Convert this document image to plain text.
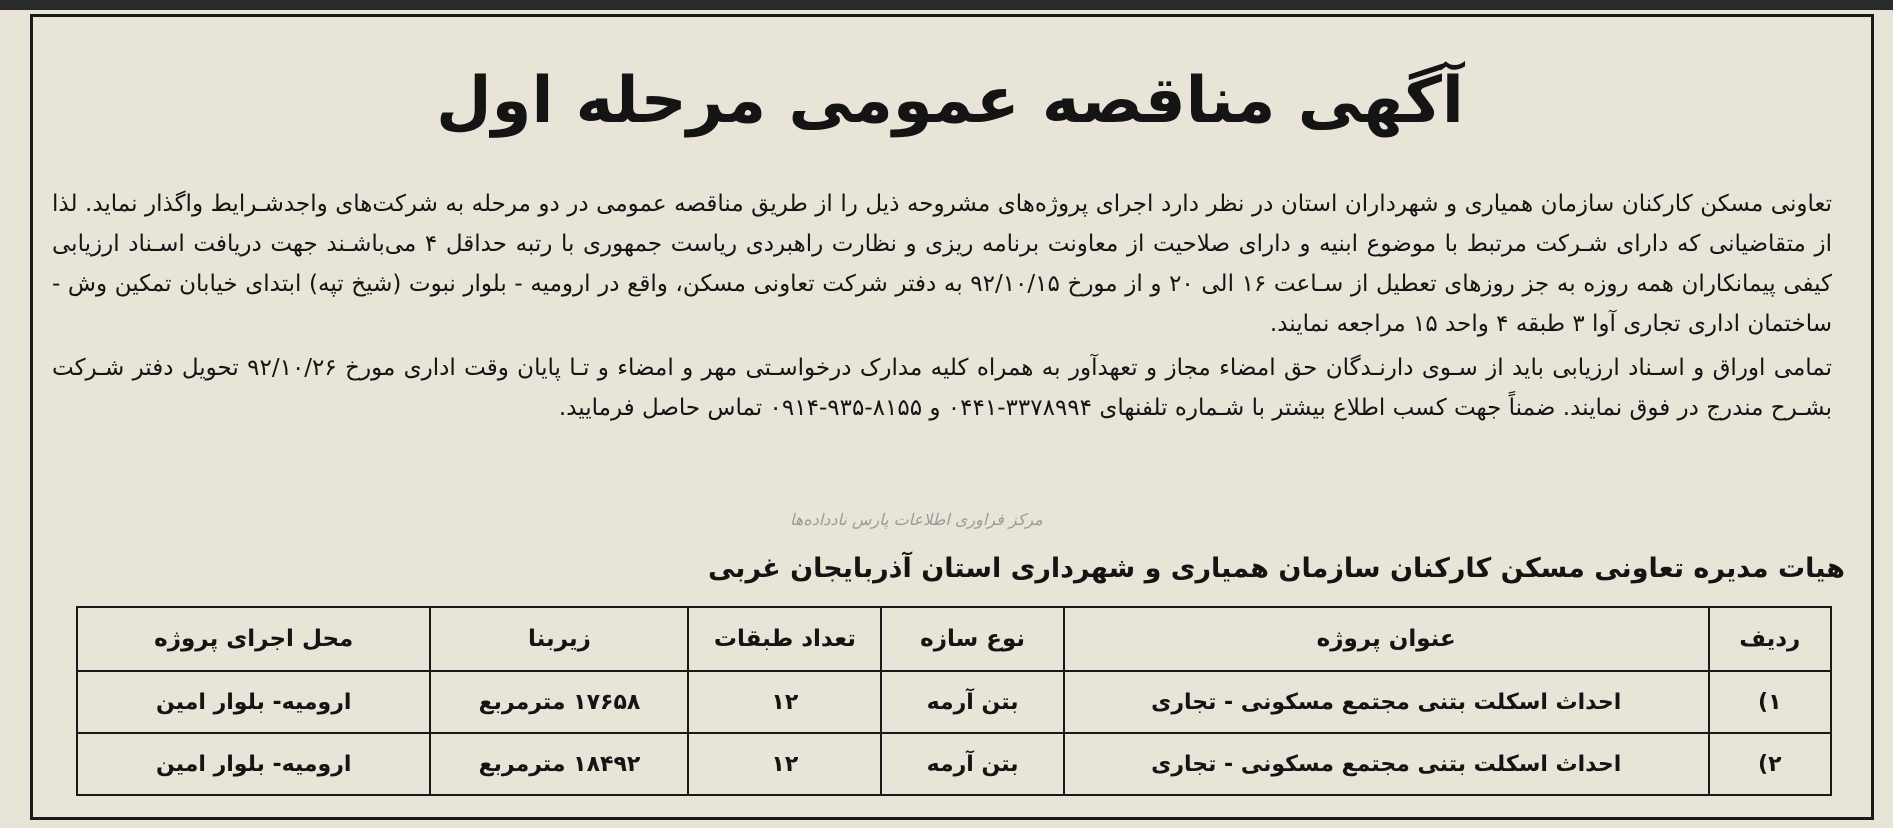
آگهی مناقصه عمومی مرحله اول

تعاونی مسکن کارکنان سازمان همیاری و شهرداران استان در نظر دارد اجرای پروژه‌های مشروحه ذیل را از طریق مناقصه عمومی در دو مرحله به شرکت‌های واجدشـرایط واگذار نماید. لذا از متقاضیانی که دارای شـرکت مرتبط با موضوع ابنیه و دارای صلاحیت از معاونت برنامه ریزی و نظارت راهبردی ریاست جمهوری با رتبه حداقل ۴ می‌باشـند جهت دریافت اسـناد ارزیابی کیفی پیمانکاران همه روزه به جز روزهای تعطیل از سـاعت ۱۶ الی ۲۰ و از مورخ ۹۲/۱۰/۱۵ به دفتر شرکت تعاونی مسکن، واقع در ارومیه - بلوار نبوت (شیخ تپه) ابتدای خیابان تمکین وش - ساختمان اداری تجاری آوا ۳ طبقه ۴ واحد ۱۵ مراجعه نمایند.

تمامی اوراق و اسـناد ارزیابی باید از سـوی دارنـدگان حق امضاء مجاز و تعهدآور به همراه کلیه مدارک درخواسـتی مهر و امضاء و تـا پایان وقت اداری مورخ ۹۲/۱۰/۲۶ تحویل دفتر شـرکت بشـرح مندرج در فوق نمایند. ضمناً جهت کسب اطلاع بیشتر با شـماره تلفنهای ۳۳۷۸۹۹۴-۰۴۴۱ و ۸۱۵۵-۹۳۵-۰۹۱۴ تماس حاصل فرمایید.

مرکز فراوری اطلاعات پارس نادداده‌ها
هیات مدیره تعاونی مسکن کارکنان سازمان همیاری و شهرداری استان آذربایجان غربی
ردیف	عنوان پروژه	نوع سازه	تعداد طبقات	زیربنا	محل اجرای پروژه
۱)	احداث اسکلت بتنی مجتمع مسکونی - تجاری	بتن آرمه	۱۲	۱۷۶۵۸ مترمربع	ارومیه- بلوار امین
۲)	احداث اسکلت بتنی مجتمع مسکونی - تجاری	بتن آرمه	۱۲	۱۸۴۹۲ مترمربع	ارومیه- بلوار امین
